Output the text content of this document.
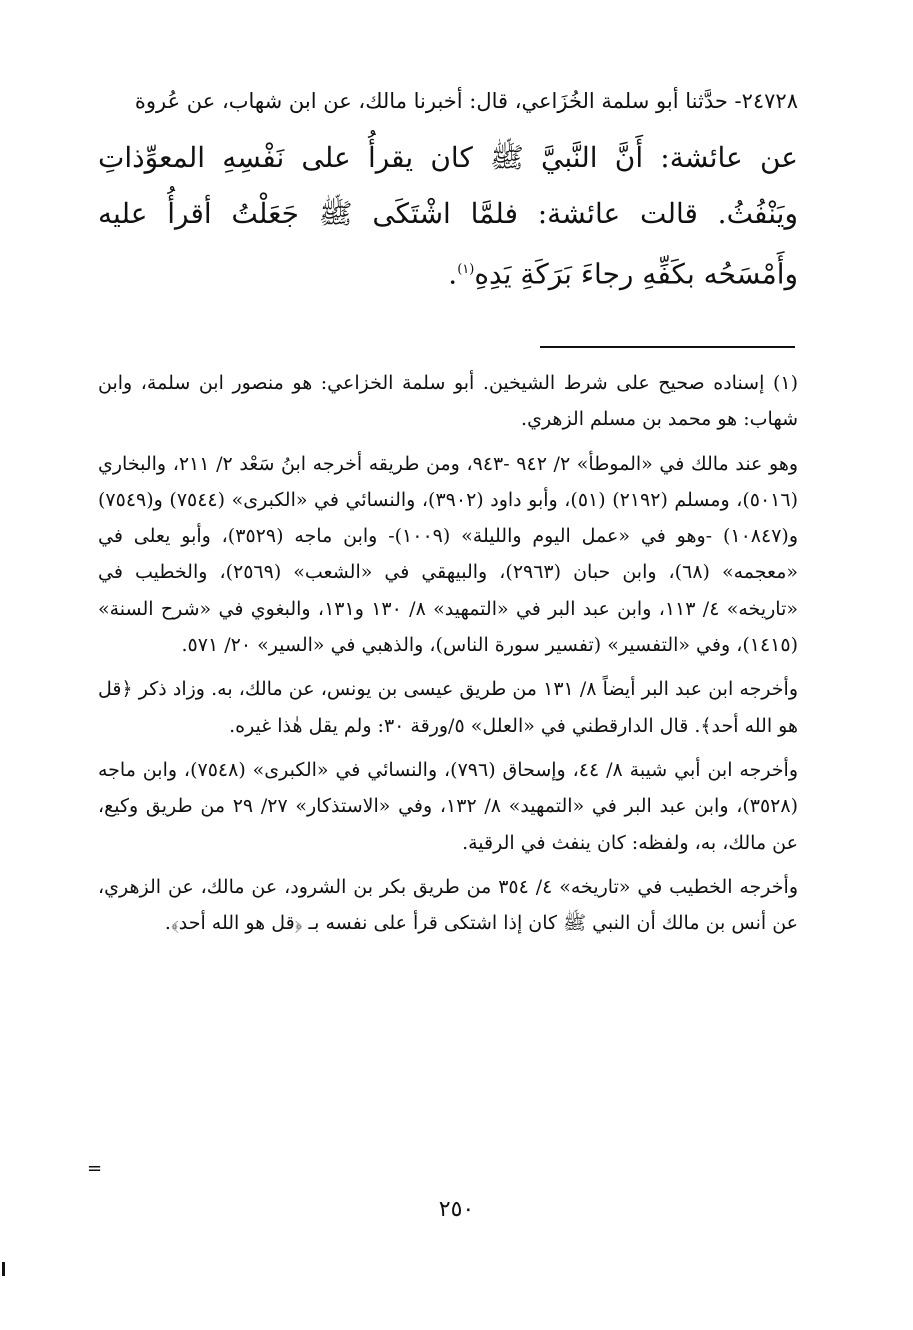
٢٤٧٢٨- حدَّثنا أبو سلمة الخُزَاعي، قال: أخبرنا مالك، عن ابن شهاب، عن عُروة

عن عائشة: أَنَّ النَّبيَّ ﷺ كان يقرأُ على نَفْسِهِ المعوِّذاتِ ويَنْفُثُ. قالت عائشة: فلمَّا اشْتَكَى ﷺ جَعَلْتُ أقرأُ عليه وأَمْسَحُه بكَفِّهِ رجاءَ بَرَكَةِ يَدِهِ$^{(١)}$.

(١) إسناده صحيح على شرط الشيخين. أبو سلمة الخزاعي: هو منصور ابن سلمة، وابن شهاب: هو محمد بن مسلم الزهري.

وهو عند مالك في «الموطأ» ٢/ ٩٤٢ -٩٤٣، ومن طريقه أخرجه ابنُ سَعْد ٢/ ٢١١، والبخاري (٥٠١٦)، ومسلم (٢١٩٢) (٥١)، وأبو داود (٣٩٠٢)، والنسائي في «الكبرى» (٧٥٤٤) و(٧٥٤٩) و(١٠٨٤٧) -وهو في «عمل اليوم والليلة» (١٠٠٩)- وابن ماجه (٣٥٢٩)، وأبو يعلى في «معجمه» (٦٨)، وابن حبان (٢٩٦٣)، والبيهقي في «الشعب» (٢٥٦٩)، والخطيب في «تاريخه» ٤/ ١١٣، وابن عبد البر في «التمهيد» ٨/ ١٣٠ و١٣١، والبغوي في «شرح السنة» (١٤١٥)، وفي «التفسير» (تفسير سورة الناس)، والذهبي في «السير» ٢٠/ ٥٧١.

وأخرجه ابن عبد البر أيضاً ٨/ ١٣١ من طريق عيسى بن يونس، عن مالك، به. وزاد ذكر ﴿قل هو الله أحد﴾. قال الدارقطني في «العلل» ٥/ورقة ٣٠: ولم يقل هٰذا غيره.

وأخرجه ابن أبي شيبة ٨/ ٤٤، وإسحاق (٧٩٦)، والنسائي في «الكبرى» (٧٥٤٨)، وابن ماجه (٣٥٢٨)، وابن عبد البر في «التمهيد» ٨/ ١٣٢، وفي «الاستذكار» ٢٧/ ٢٩ من طريق وكيع، عن مالك، به، ولفظه: كان ينفث في الرقية.

وأخرجه الخطيب في «تاريخه» ٤/ ٣٥٤ من طريق بكر بن الشرود، عن مالك، عن الزهري، عن أنس بن مالك أن النبي ﷺ كان إذا اشتكى قرأ على نفسه بـ ﴿قل هو الله أحد﴾.

=
٢٥٠
